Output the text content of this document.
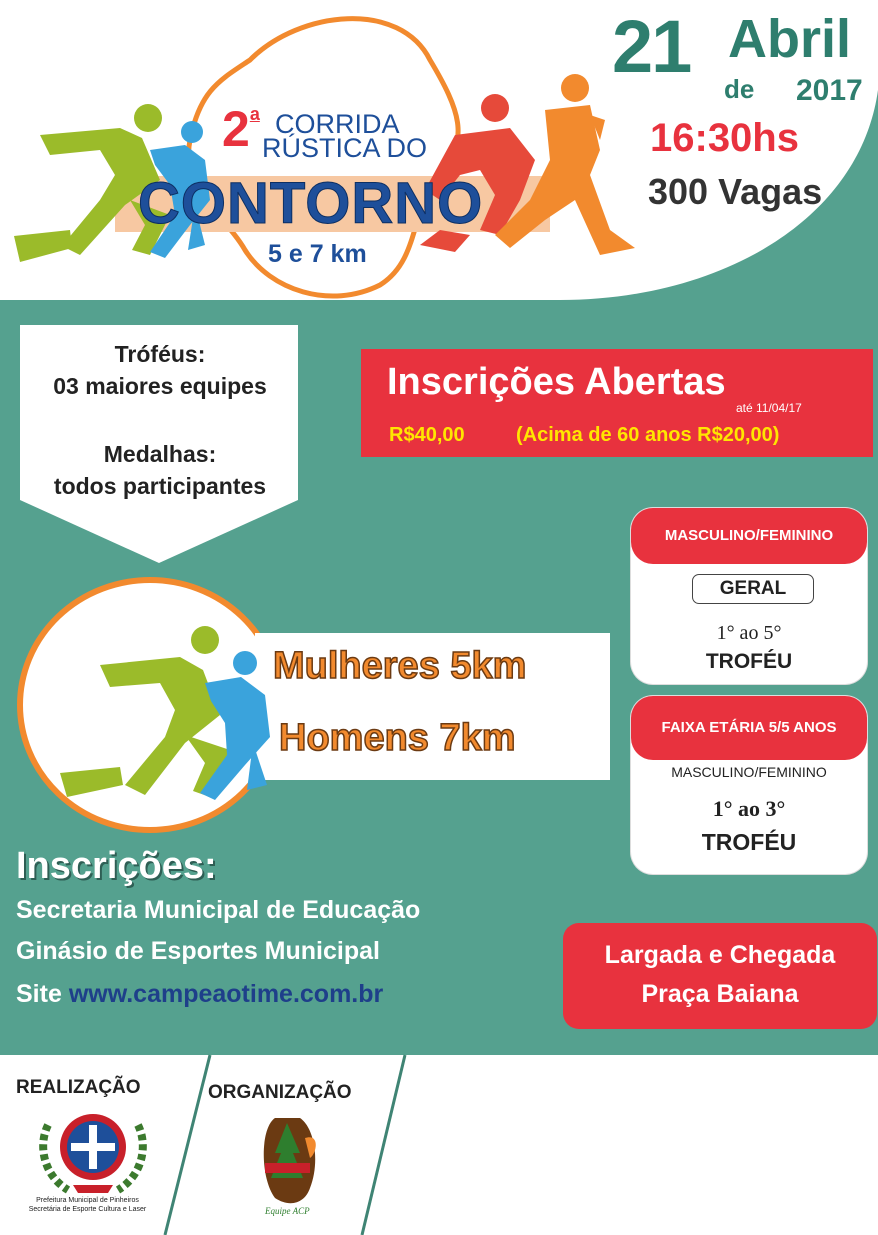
2a CORRIDA
RÚSTICA DO
CONTORNO
5 e 7 km
21 Abril
de 2017
16:30hs
300 Vagas
Tróféus:
03 maiores equipes
Medalhas:
todos participantes
Inscrições Abertas
até 11/04/17
R$40,00	(Acima de 60 anos R$20,00)
Mulheres 5km
Homens 7km
MASCULINO/FEMININO
GERAL
1° ao 5°
TROFÉU
FAIXA ETÁRIA 5/5 ANOS
MASCULINO/FEMININO
1° ao 3°
TROFÉU
Inscrições:
Secretaria Municipal de Educação
Ginásio de Esportes Municipal
Site www.campeaotime.com.br
Largada e Chegada
Praça Baiana
REALIZAÇÃO	ORGANIZAÇÃO
Prefeitura Municipal de Pinheiros
Secretária de Esporte Cultura e Laser	Equipe ACP
